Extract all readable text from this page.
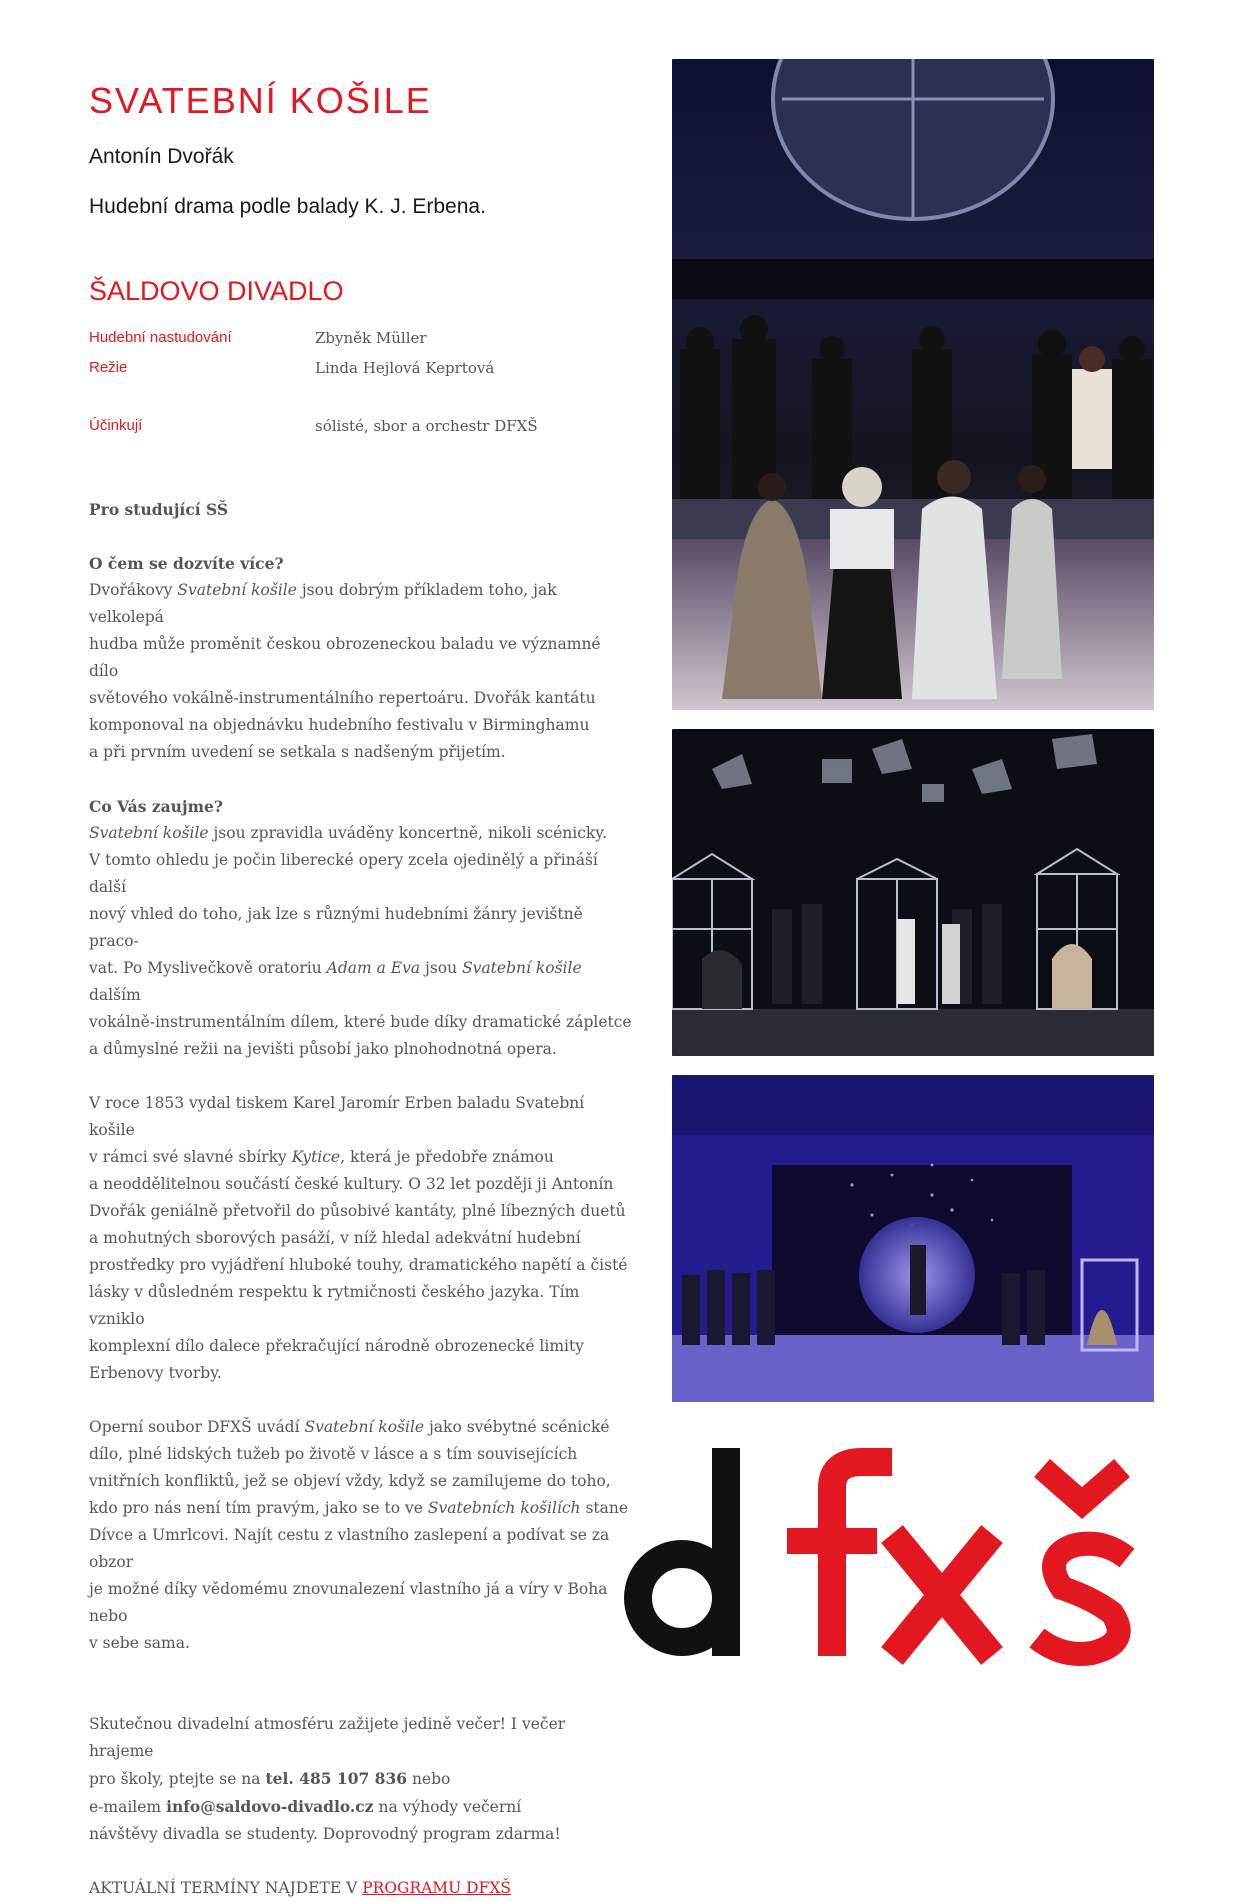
SVATEBNÍ KOŠILE
Antonín Dvořák
Hudební drama podle balady K. J. Erbena.
ŠALDOVO DIVADLO
Hudební nastudování	Zbyněk Müller
Režie	Linda Hejlová Keprtová
Účinkují	sólisté, sbor a orchestr DFXŠ

Pro studující SŠ

O čem se dozvíte více?

Dvořákovy Svatební košile jsou dobrým příkladem toho, jak velkolepá

hudba může proměnit českou obrozeneckou baladu ve významné dílo

světového vokálně-instrumentálního repertoáru. Dvořák kantátu

komponoval na objednávku hudebního festivalu v Birminghamu

a při prvním uvedení se setkala s nadšeným přijetím.

Co Vás zaujme?

Svatební košile jsou zpravidla uváděny koncertně, nikoli scénicky.

V tomto ohledu je počin liberecké opery zcela ojedinělý a přináší další

nový vhled do toho, jak lze s různými hudebními žánry jevištně praco-

vat. Po Myslivečkově oratoriu Adam a Eva jsou Svatební košile dalším

vokálně-instrumentálním dílem, které bude díky dramatické zápletce

a důmyslné režii na jevišti působí jako plnohodnotná opera.

V roce 1853 vydal tiskem Karel Jaromír Erben baladu Svatební košile

v rámci své slavné sbírky Kytice, která je předobře známou

a neoddělitelnou součástí české kultury. O 32 let později ji Antonín

Dvořák geniálně přetvořil do působivé kantáty, plné líbezných duetů

a mohutných sborových pasáží, v níž hledal adekvátní hudební

prostředky pro vyjádření hluboké touhy, dramatického napětí a čisté

lásky v důsledném respektu k rytmičnosti českého jazyka. Tím vzniklo

komplexní dílo dalece překračující národně obrozenecké limity

Erbenovy tvorby.

Operní soubor DFXŠ uvádí Svatební košile jako svébytné scénické

dílo, plné lidských tužeb po životě v lásce a s tím souvisejících

vnitřních konfliktů, jež se objeví vždy, když se zamilujeme do toho,

kdo pro nás není tím pravým, jako se to ve Svatebních košilích stane

Dívce a Umrlcovi. Najít cestu z vlastního zaslepení a podívat se za obzor

je možné díky vědomému znovunalezení vlastního já a víry v Boha nebo

v sebe sama.

Skutečnou divadelní atmosféru zažijete jedině večer! I večer hrajeme

pro školy, ptejte se na tel. 485 107 836 nebo

e-mailem info@saldovo-divadlo.cz na výhody večerní

návštěvy divadla se studenty. Doprovodný program zdarma!

AKTUÁLNÍ TERMÍNY NAJDETE V PROGRAMU DFXŠ
